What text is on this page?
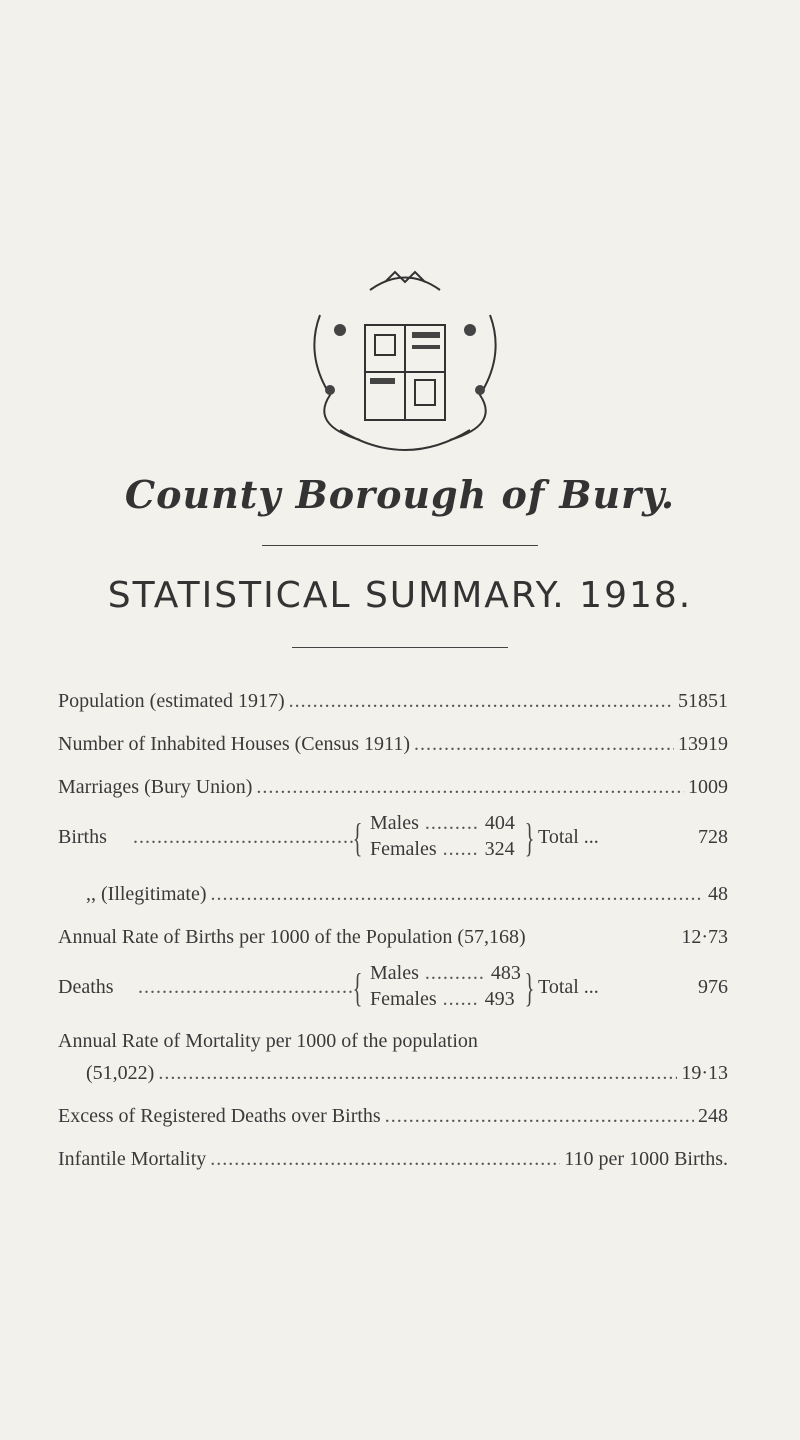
County Borough of Bury.
STATISTICAL SUMMARY. 1918.
Population (estimated 1917) .....	51851
Number of Inhabited Houses (Census 1911) .....	13919
Marriages (Bury Union) .....	1009
Births .....	{ Males ......... 404
Females ...... 324 } Total ...	728
,, (Illegitimate) .....	48
Annual Rate of Births per 1000 of the Population (57,168)	12·73
Deaths .....	{ Males .......... 483
Females ...... 493 } Total ...	976
Annual Rate of Mortality per 1000 of the population
(51,022) .....	19·13
Excess of Registered Deaths over Births .....	248
Infantile Mortality .....	110 per 1000 Births.
